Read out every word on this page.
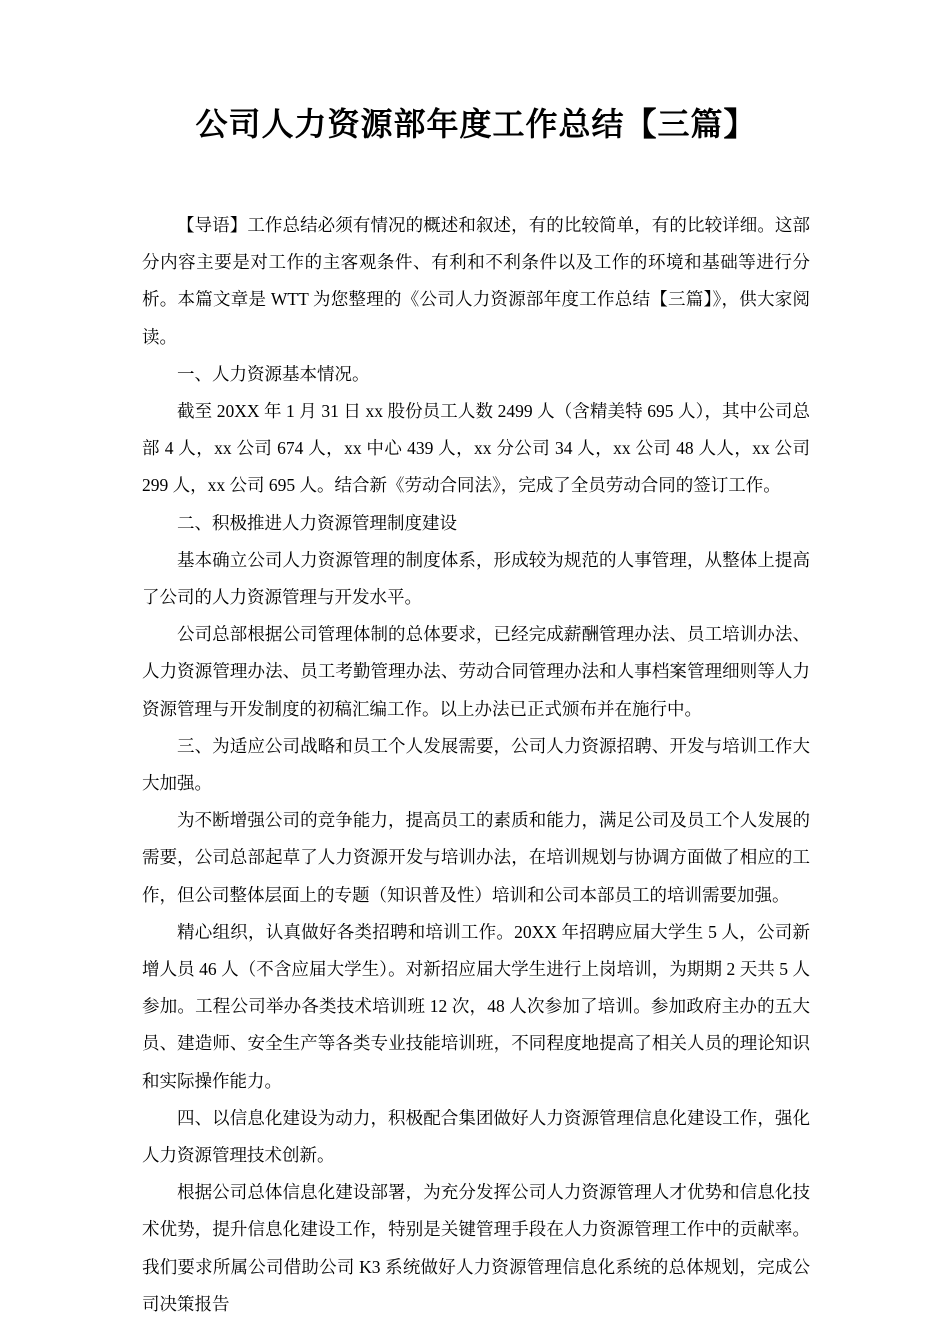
公司人力资源部年度工作总结【三篇】

【导语】工作总结必须有情况的概述和叙述，有的比较简单，有的比较详细。这部分内容主要是对工作的主客观条件、有利和不利条件以及工作的环境和基础等进行分析。本篇文章是 WTT 为您整理的《公司人力资源部年度工作总结【三篇】》，供大家阅读。

一、人力资源基本情况。

截至 20XX 年 1 月 31 日 xx 股份员工人数 2499 人（含精美特 695 人），其中公司总部 4 人，xx 公司 674 人，xx 中心 439 人，xx 分公司 34 人，xx 公司 48 人人，xx 公司 299 人，xx 公司 695 人。结合新《劳动合同法》，完成了全员劳动合同的签订工作。

二、积极推进人力资源管理制度建设

基本确立公司人力资源管理的制度体系，形成较为规范的人事管理，从整体上提高了公司的人力资源管理与开发水平。

公司总部根据公司管理体制的总体要求，已经完成薪酬管理办法、员工培训办法、人力资源管理办法、员工考勤管理办法、劳动合同管理办法和人事档案管理细则等人力资源管理与开发制度的初稿汇编工作。以上办法已正式颁布并在施行中。

三、为适应公司战略和员工个人发展需要，公司人力资源招聘、开发与培训工作大大加强。

为不断增强公司的竞争能力，提高员工的素质和能力，满足公司及员工个人发展的需要，公司总部起草了人力资源开发与培训办法，在培训规划与协调方面做了相应的工作，但公司整体层面上的专题（知识普及性）培训和公司本部员工的培训需要加强。

精心组织，认真做好各类招聘和培训工作。20XX 年招聘应届大学生 5 人，公司新增人员 46 人（不含应届大学生）。对新招应届大学生进行上岗培训，为期期 2 天共 5 人参加。工程公司举办各类技术培训班 12 次，48 人次参加了培训。参加政府主办的五大员、建造师、安全生产等各类专业技能培训班，不同程度地提高了相关人员的理论知识和实际操作能力。

四、以信息化建设为动力，积极配合集团做好人力资源管理信息化建设工作，强化人力资源管理技术创新。

根据公司总体信息化建设部署，为充分发挥公司人力资源管理人才优势和信息化技术优势，提升信息化建设工作，特别是关键管理手段在人力资源管理工作中的贡献率。我们要求所属公司借助公司 K3 系统做好人力资源管理信息化系统的总体规划，完成公司决策报告
